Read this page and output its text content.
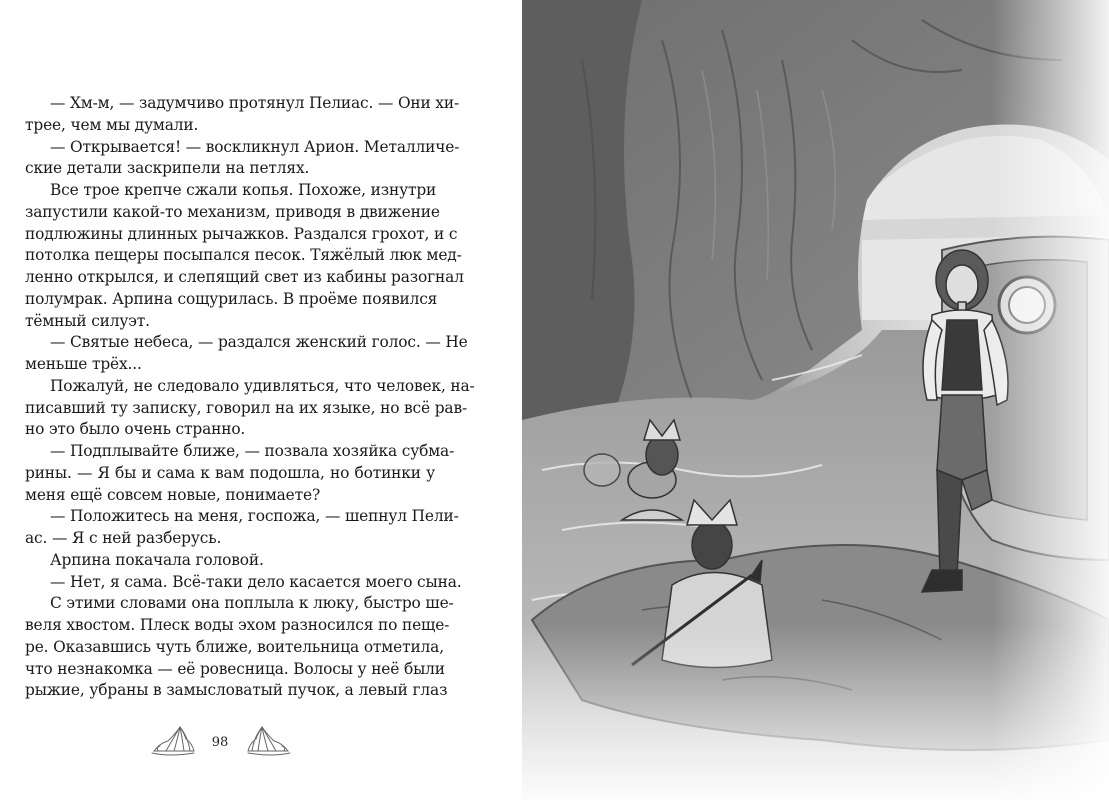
— Хм-м, — задумчиво протянул Пелиас. — Они хи-
трее, чем мы думали.
— Открывается! — воскликнул Арион. Металличе-
ские детали заскрипели на петлях.
Все трое крепче сжали копья. Похоже, изнутри
запустили какой-то механизм, приводя в движение
подлюжины длинных рычажков. Раздался грохот, и с
потолка пещеры посыпался песок. Тяжёлый люк мед-
ленно открылся, и слепящий свет из кабины разогнал
полумрак. Арпина сощурилась. В проёме появился
тёмный силуэт.
— Святые небеса, — раздался женский голос. — Не
меньше трёх...
Пожалуй, не следовало удивляться, что человек, на-
писавший ту записку, говорил на их языке, но всё рав-
но это было очень странно.
— Подплывайте ближе, — позвала хозяйка субма-
рины. — Я бы и сама к вам подошла, но ботинки у
меня ещё совсем новые, понимаете?
— Положитесь на меня, госпожа, — шепнул Пели-
ас. — Я с ней разберусь.
Арпина покачала головой.
— Нет, я сама. Всё-таки дело касается моего сына.
С этими словами она поплыла к люку, быстро ше-
веля хвостом. Плеск воды эхом разносился по пеще-
ре. Оказавшись чуть ближе, воительница отметила,
что незнакомка — её ровесница. Волосы у неё были
рыжие, убраны в замысловатый пучок, а левый глаз
98
